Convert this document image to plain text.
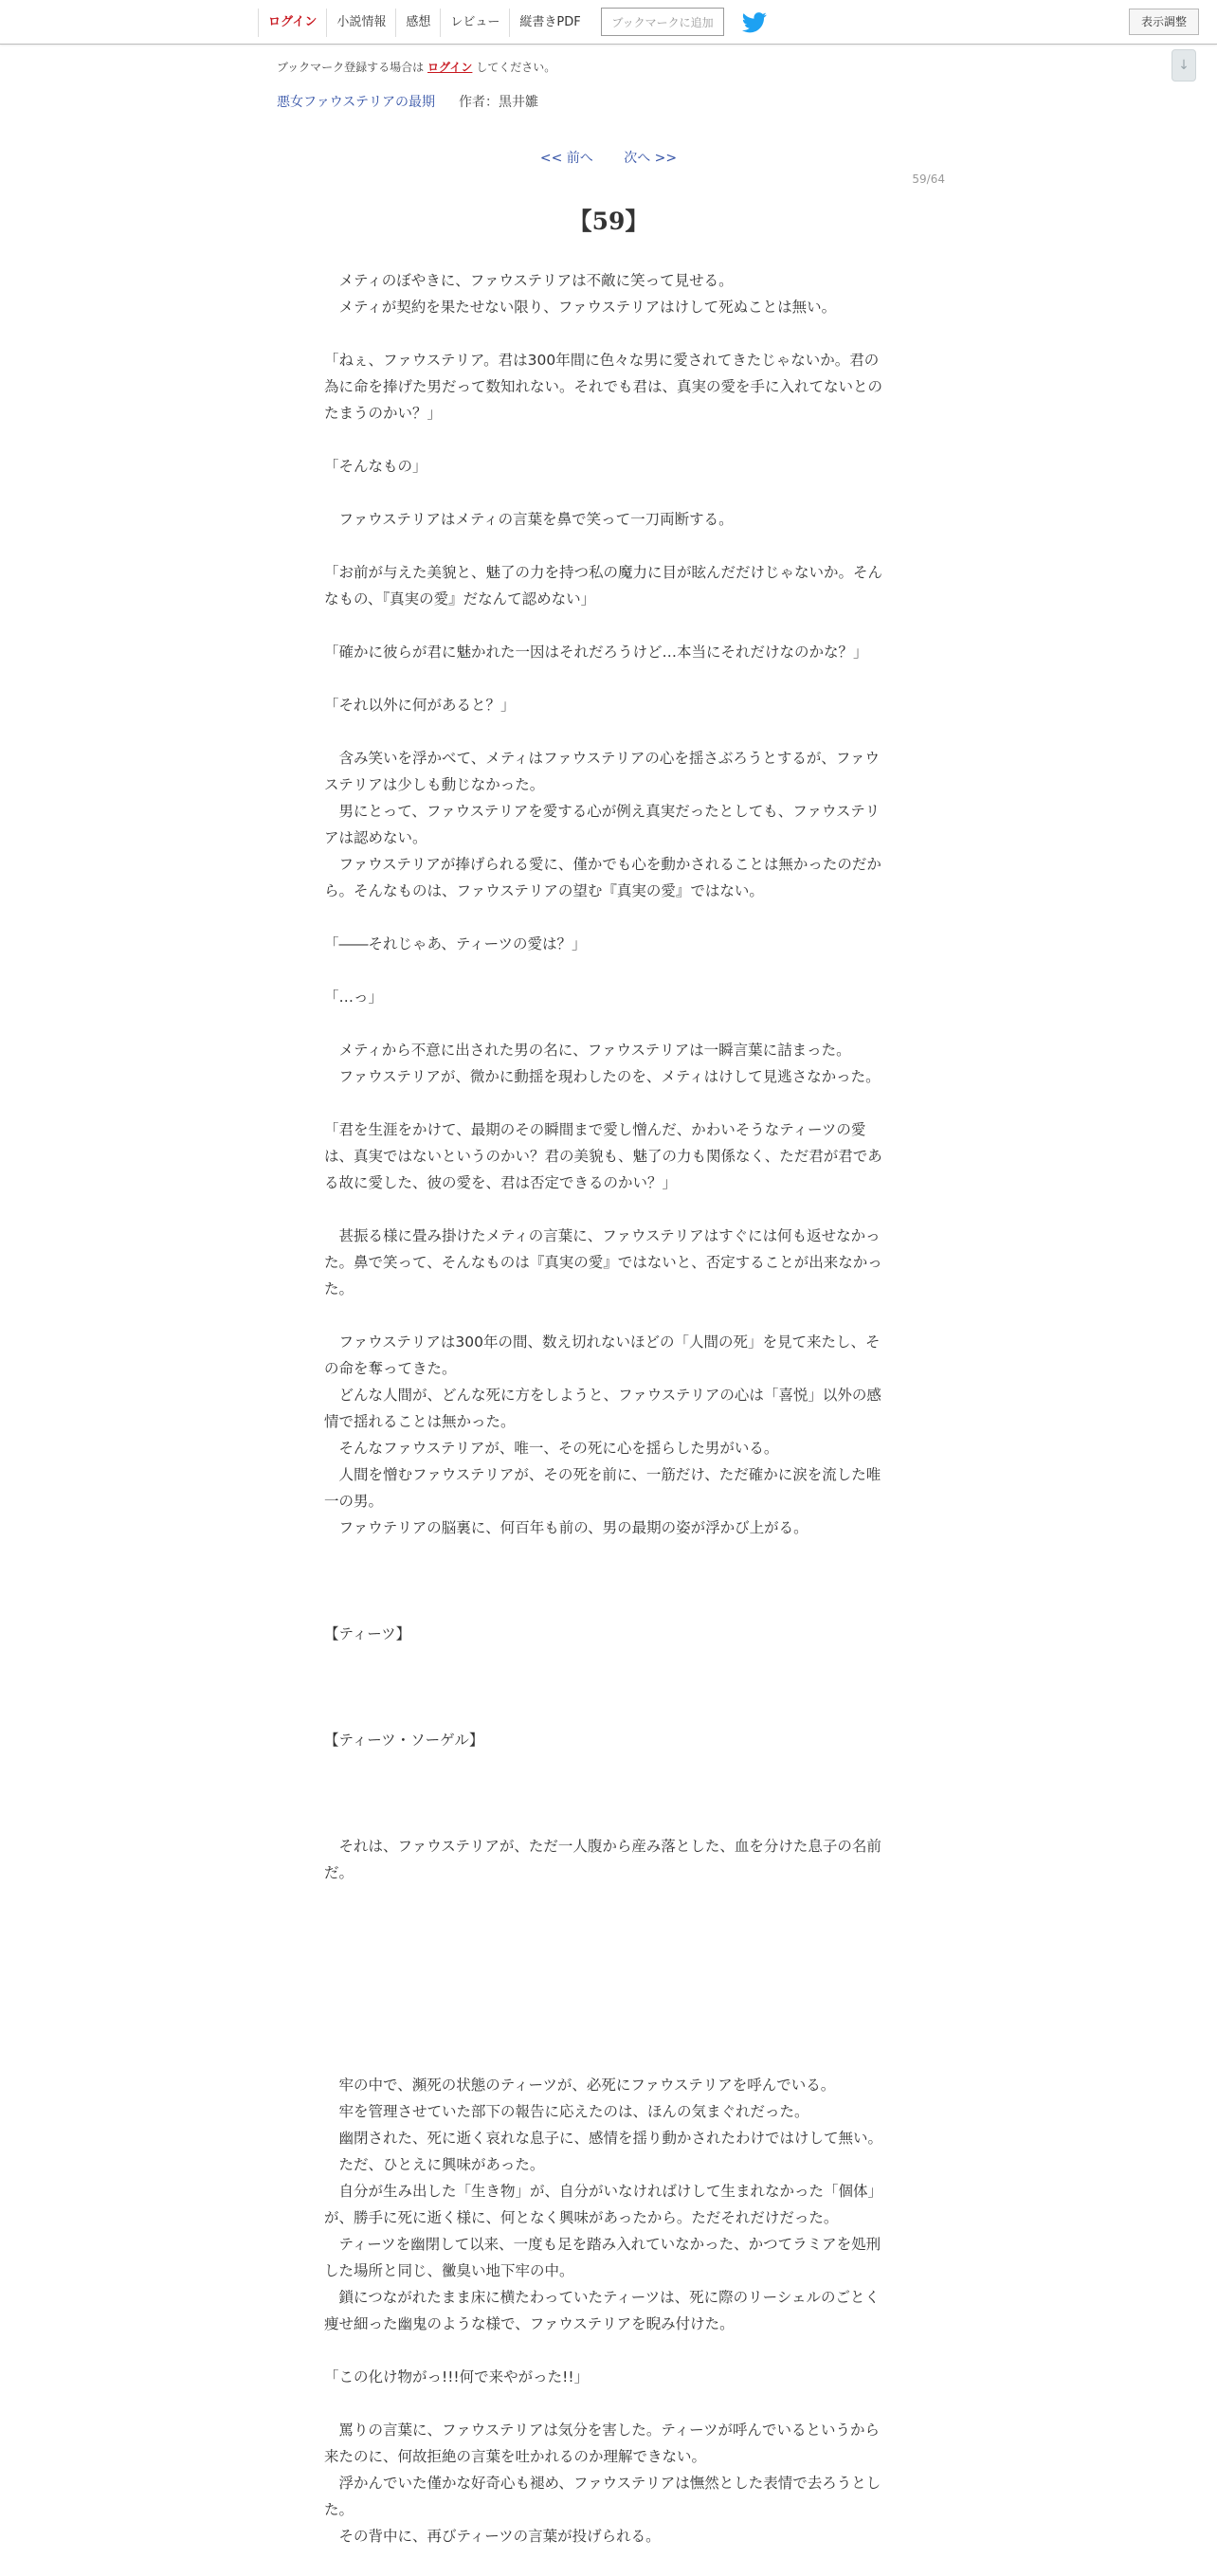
ログイン	小説情報	感想	レビュー	縦書きPDF	ブックマークに追加	表示調整
↓
ブックマーク登録する場合は ログイン してください。
悪女ファウステリアの最期 作者：黒井雛
<< 前へ 次へ >>
59/64
【59】

　メティのぼやきに、ファウステリアは不敵に笑って見せる。
　メティが契約を果たせない限り、ファウステリアはけして死ぬことは無い。

「ねぇ、ファウステリア。君は300年間に色々な男に愛されてきたじゃないか。君の為に命を捧げた男だって数知れない。それでも君は、真実の愛を手に入れてないとのたまうのかい？」

「そんなもの」

　ファウステリアはメティの言葉を鼻で笑って一刀両断する。

「お前が与えた美貌と、魅了の力を持つ私の魔力に目が眩んだだけじゃないか。そんなもの、『真実の愛』だなんて認めない」

「確かに彼らが君に魅かれた一因はそれだろうけど…本当にそれだけなのかな？」

「それ以外に何があると？」

　含み笑いを浮かべて、メティはファウステリアの心を揺さぶろうとするが、ファウステリアは少しも動じなかった。
　男にとって、ファウステリアを愛する心が例え真実だったとしても、ファウステリアは認めない。
　ファウステリアが捧げられる愛に、僅かでも心を動かされることは無かったのだから。そんなものは、ファウステリアの望む『真実の愛』ではない。

「――それじゃあ、ティーツの愛は？」

「…っ」

　メティから不意に出された男の名に、ファウステリアは一瞬言葉に詰まった。
　ファウステリアが、微かに動揺を現わしたのを、メティはけして見逃さなかった。

「君を生涯をかけて、最期のその瞬間まで愛し憎んだ、かわいそうなティーツの愛は、真実ではないというのかい？君の美貌も、魅了の力も関係なく、ただ君が君である故に愛した、彼の愛を、君は否定できるのかい？」

　甚振る様に畳み掛けたメティの言葉に、ファウステリアはすぐには何も返せなかった。鼻で笑って、そんなものは『真実の愛』ではないと、否定することが出来なかった。

　ファウステリアは300年の間、数え切れないほどの「人間の死」を見て来たし、その命を奪ってきた。
　どんな人間が、どんな死に方をしようと、ファウステリアの心は「喜悦」以外の感情で揺れることは無かった。
　そんなファウステリアが、唯一、その死に心を揺らした男がいる。
　人間を憎むファウステリアが、その死を前に、一筋だけ、ただ確かに涙を流した唯一の男。
　ファウテリアの脳裏に、何百年も前の、男の最期の姿が浮かび上がる。

【ティーツ】

【ティーツ・ソーゲル】

　それは、ファウステリアが、ただ一人腹から産み落とした、血を分けた息子の名前だ。

　牢の中で、瀕死の状態のティーツが、必死にファウステリアを呼んでいる。
　牢を管理させていた部下の報告に応えたのは、ほんの気まぐれだった。
　幽閉された、死に逝く哀れな息子に、感情を揺り動かされたわけではけして無い。
　ただ、ひとえに興味があった。
　自分が生み出した「生き物」が、自分がいなければけして生まれなかった「個体」が、勝手に死に逝く様に、何となく興味があったから。ただそれだけだった。
　ティーツを幽閉して以来、一度も足を踏み入れていなかった、かつてラミアを処刑した場所と同じ、黴臭い地下牢の中。
　鎖につながれたまま床に横たわっていたティーツは、死に際のリーシェルのごとく痩せ細った幽鬼のような様で、ファウステリアを睨み付けた。

「この化け物がっ!!!何で来やがった!!」

　罵りの言葉に、ファウステリアは気分を害した。ティーツが呼んでいるというから来たのに、何故拒絶の言葉を吐かれるのか理解できない。
　浮かんでいた僅かな好奇心も褪め、ファウステリアは憮然とした表情で去ろうとした。
　その背中に、再びティーツの言葉が投げられる。
